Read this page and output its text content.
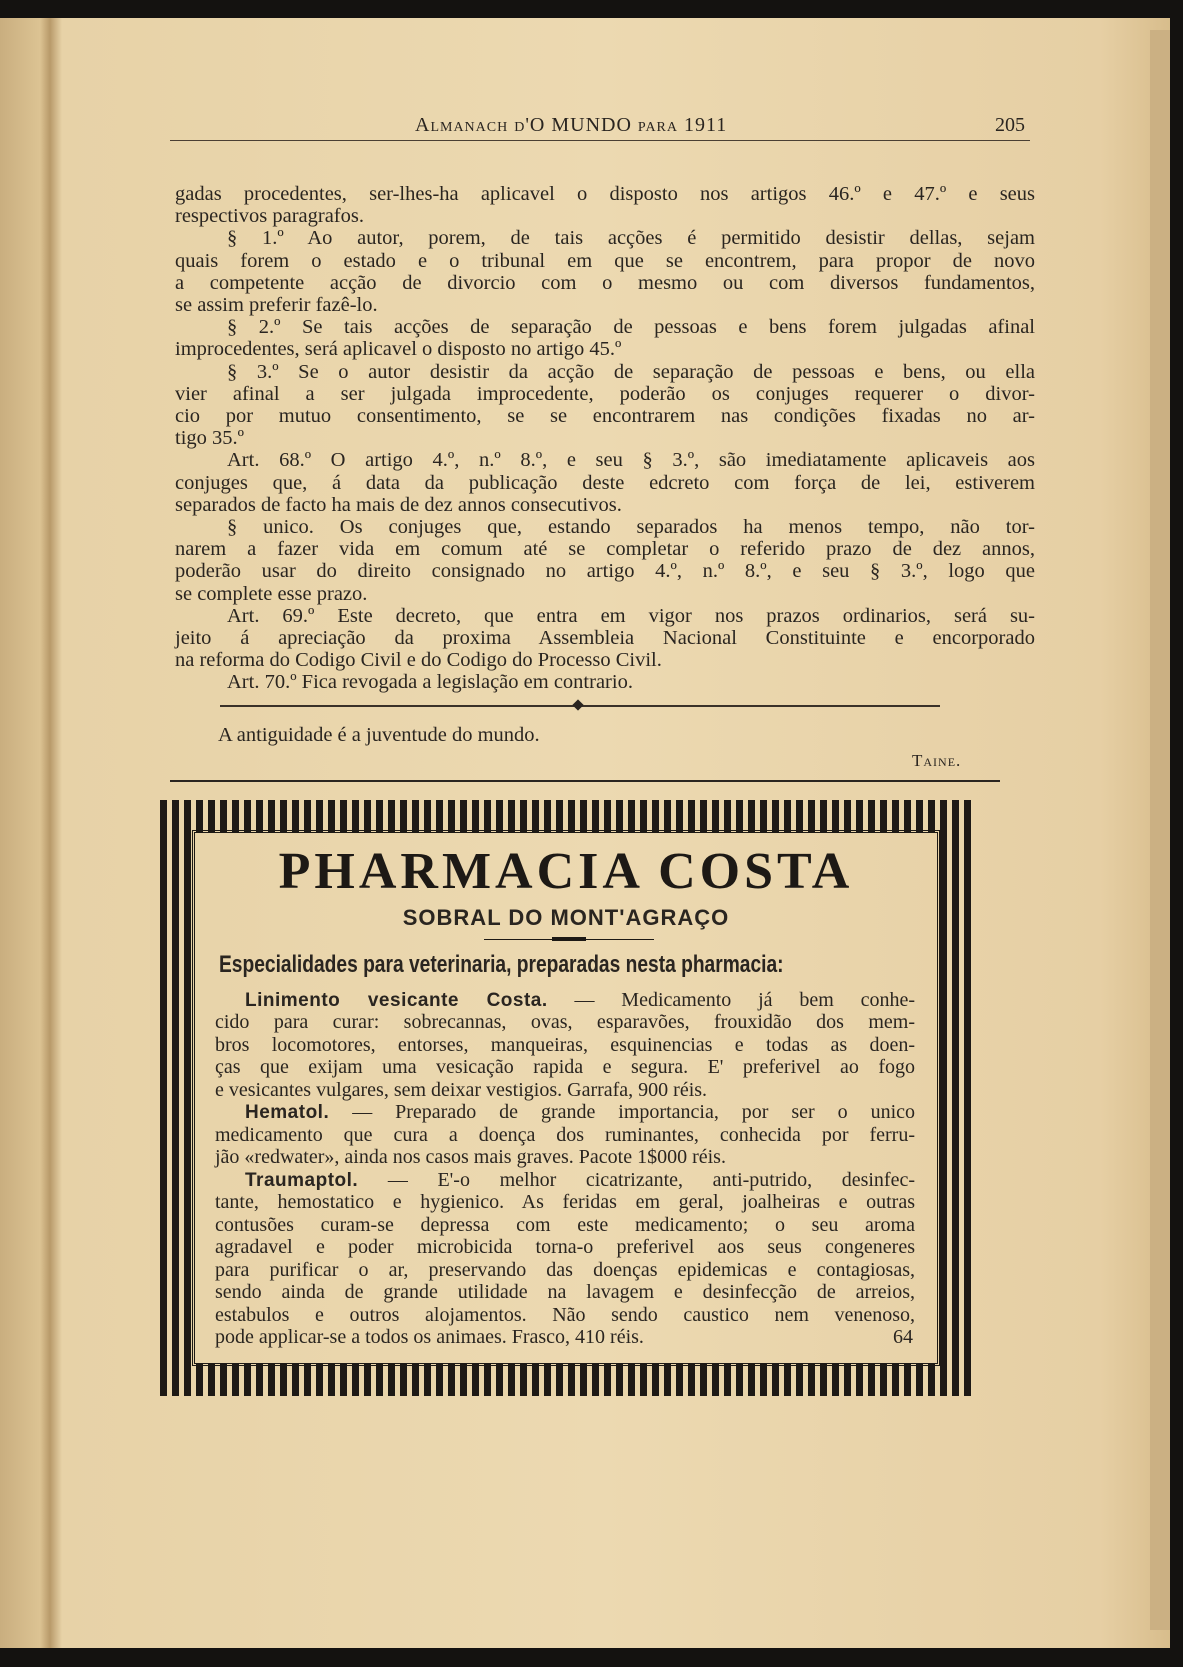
Almanach d'O MUNDO para 1911	205
gadas procedentes, ser-lhes-ha aplicavel o disposto nos artigos 46.º e 47.º e seus
respectivos paragrafos.
§ 1.º Ao autor, porem, de tais acções é permitido desistir dellas, sejam
quais forem o estado e o tribunal em que se encontrem, para propor de novo
a competente acção de divorcio com o mesmo ou com diversos fundamentos,
se assim preferir fazê-lo.
§ 2.º Se tais acções de separação de pessoas e bens forem julgadas afinal
improcedentes, será aplicavel o disposto no artigo 45.º
§ 3.º Se o autor desistir da acção de separação de pessoas e bens, ou ella
vier afinal a ser julgada improcedente, poderão os conjuges requerer o divor-
cio por mutuo consentimento, se se encontrarem nas condições fixadas no ar-
tigo 35.º
Art. 68.º O artigo 4.º, n.º 8.º, e seu § 3.º, são imediatamente aplicaveis aos
conjuges que, á data da publicação deste edcreto com força de lei, estiverem
separados de facto ha mais de dez annos consecutivos.
§ unico. Os conjuges que, estando separados ha menos tempo, não tor-
narem a fazer vida em comum até se completar o referido prazo de dez annos,
poderão usar do direito consignado no artigo 4.º, n.º 8.º, e seu § 3.º, logo que
se complete esse prazo.
Art. 69.º Este decreto, que entra em vigor nos prazos ordinarios, será su-
jeito á apreciação da proxima Assembleia Nacional Constituinte e encorporado
na reforma do Codigo Civil e do Codigo do Processo Civil.
Art. 70.º Fica revogada a legislação em contrario.
A antiguidade é a juventude do mundo.
Taine.
PHARMACIA COSTA
SOBRAL DO MONT'AGRAÇO
Especialidades para veterinaria, preparadas nesta pharmacia:
Linimento vesicante Costa. — Medicamento já bem conhe-
cido para curar: sobrecannas, ovas, esparavões, frouxidão dos mem-
bros locomotores, entorses, manqueiras, esquinencias e todas as doen-
ças que exijam uma vesicação rapida e segura. E' preferivel ao fogo
e vesicantes vulgares, sem deixar vestigios. Garrafa, 900 réis.
Hematol. — Preparado de grande importancia, por ser o unico
medicamento que cura a doença dos ruminantes, conhecida por ferru-
jão «redwater», ainda nos casos mais graves. Pacote 1$000 réis.
Traumaptol. — E'-o melhor cicatrizante, anti-putrido, desinfec-
tante, hemostatico e hygienico. As feridas em geral, joalheiras e outras
contusões curam-se depressa com este medicamento; o seu aroma
agradavel e poder microbicida torna-o preferivel aos seus congeneres
para purificar o ar, preservando das doenças epidemicas e contagiosas,
sendo ainda de grande utilidade na lavagem e desinfecção de arreios,
estabulos e outros alojamentos. Não sendo caustico nem venenoso,
pode applicar-se a todos os animaes. Frasco, 410 réis.	64
